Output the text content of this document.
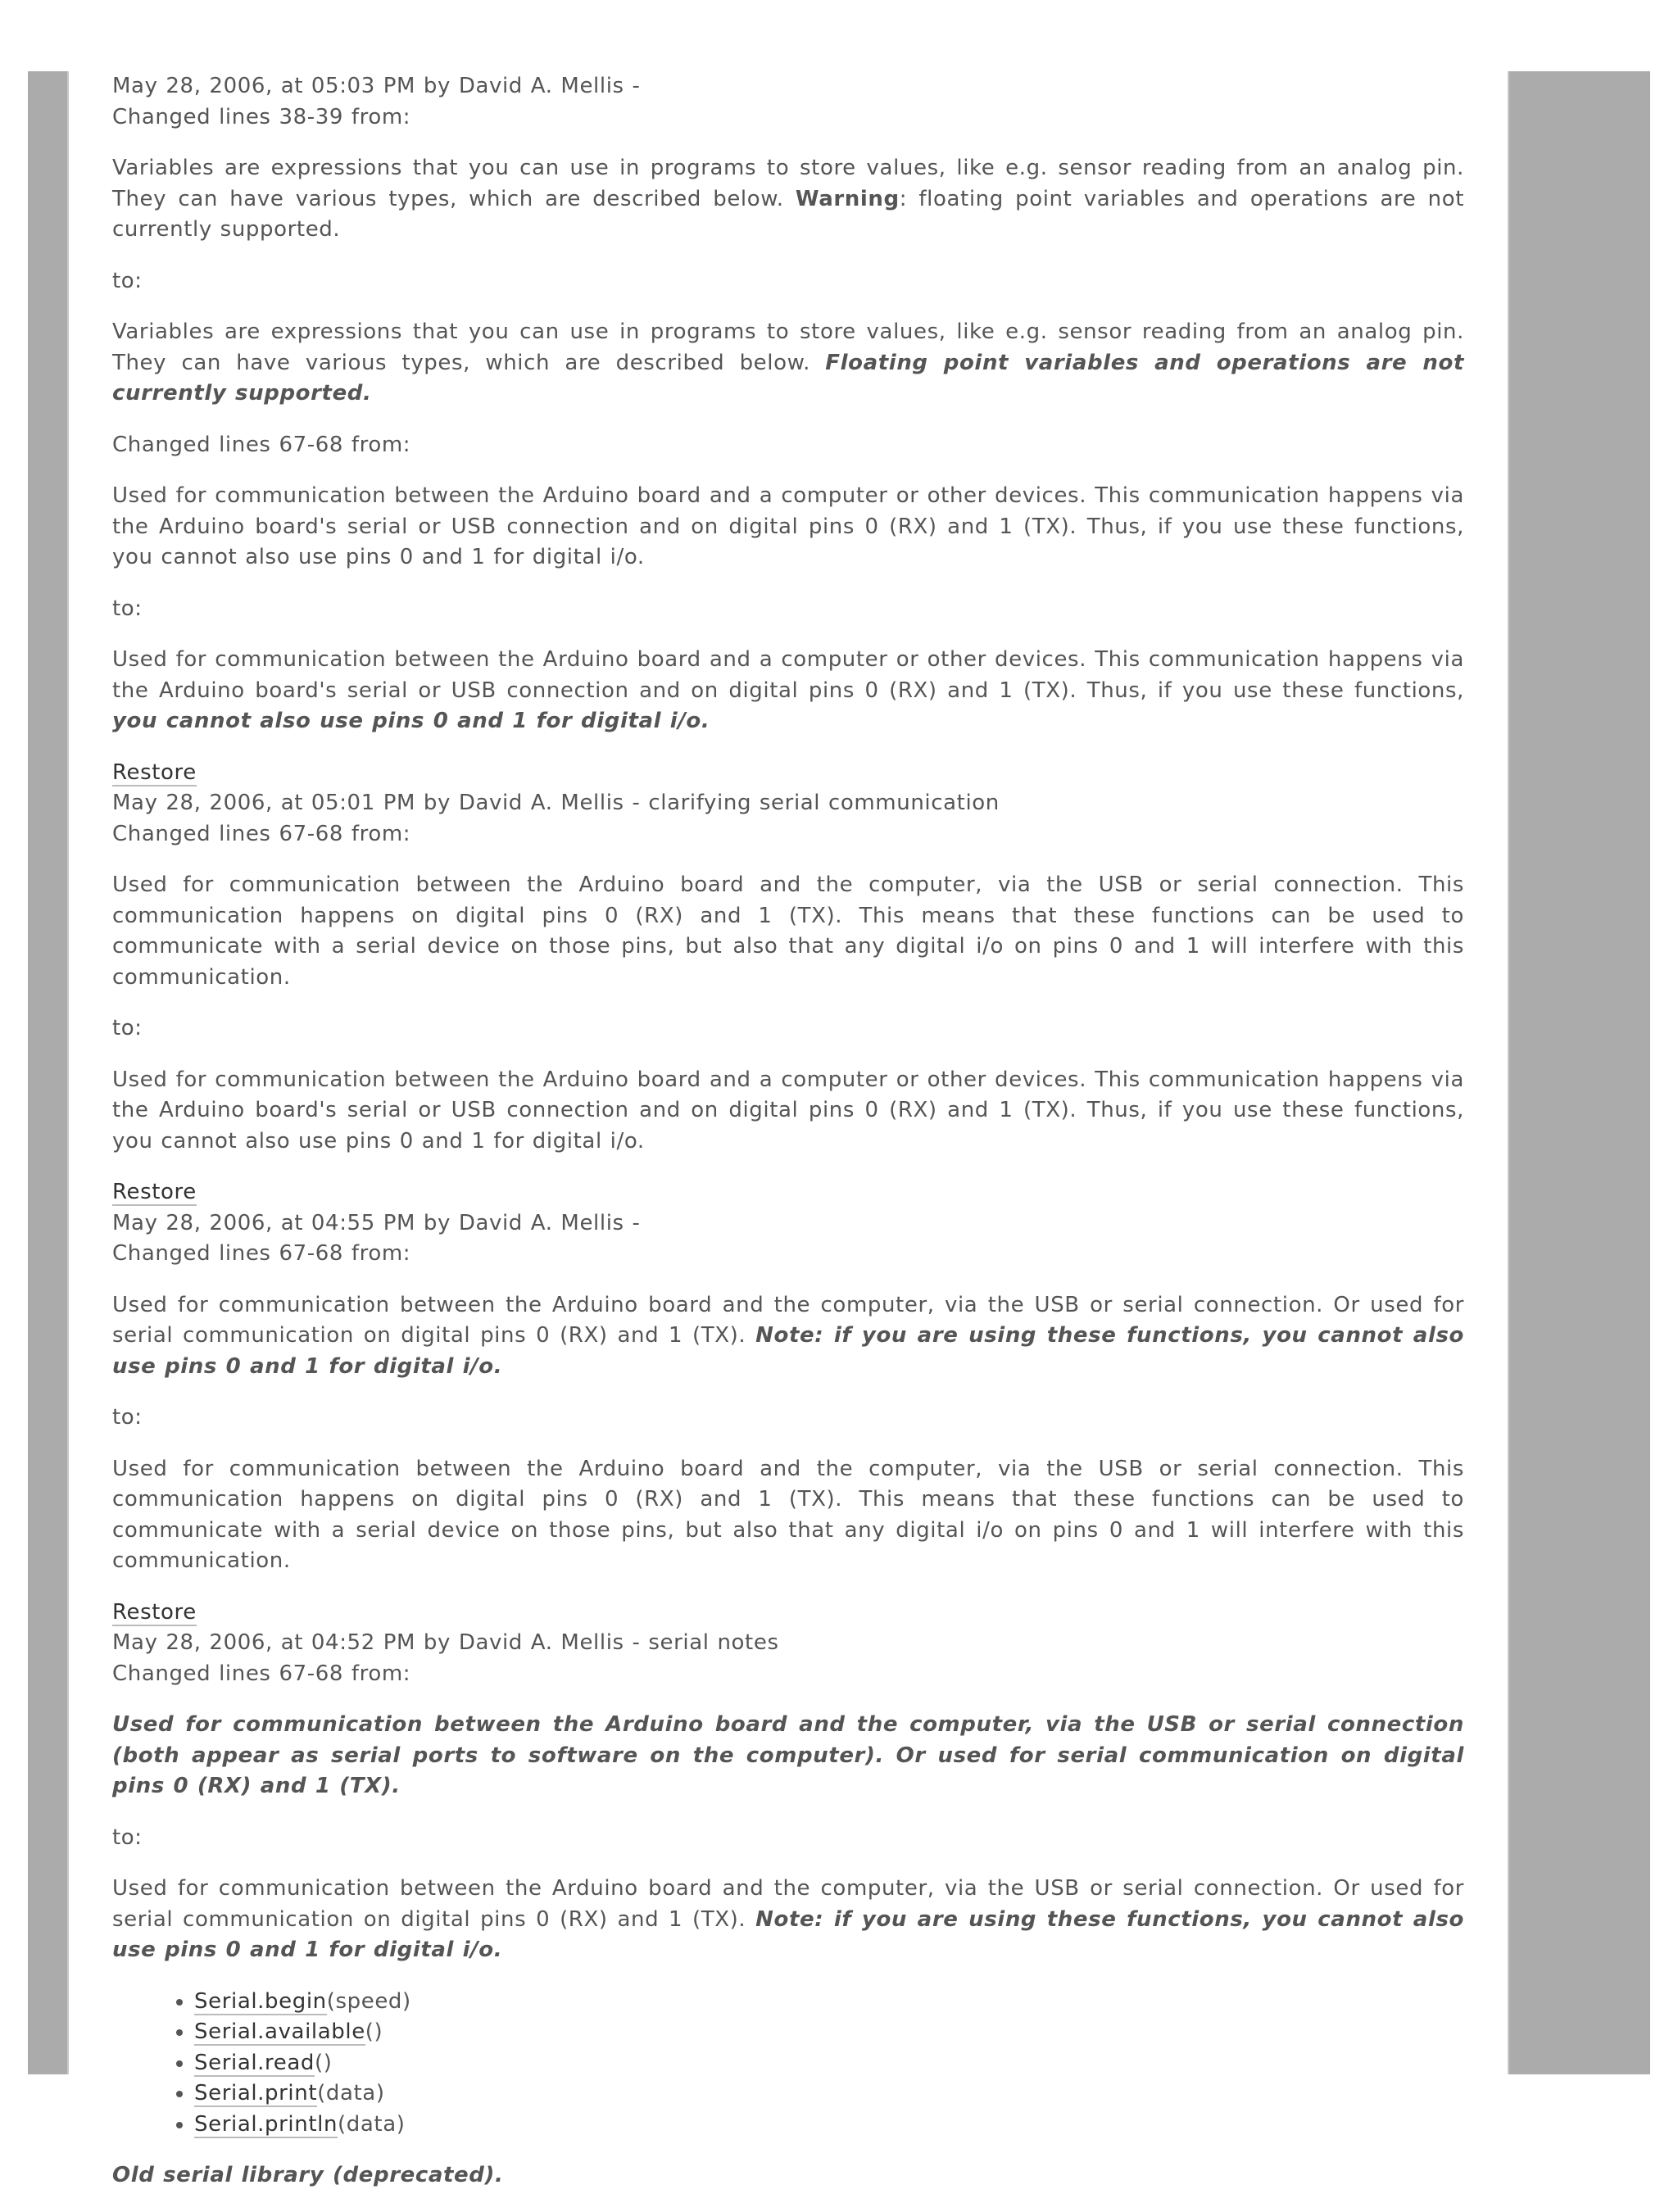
May 28, 2006, at 05:03 PM by David A. Mellis -

Changed lines 38-39 from:

Variables are expressions that you can use in programs to store values, like e.g. sensor reading from an analog pin. They can have various types, which are described below. Warning: floating point variables and operations are not currently supported.

to:

Variables are expressions that you can use in programs to store values, like e.g. sensor reading from an analog pin. They can have various types, which are described below. Floating point variables and operations are not currently supported.

Changed lines 67-68 from:

Used for communication between the Arduino board and a computer or other devices. This communication happens via the Arduino board's serial or USB connection and on digital pins 0 (RX) and 1 (TX). Thus, if you use these functions, you cannot also use pins 0 and 1 for digital i/o.

to:

Used for communication between the Arduino board and a computer or other devices. This communication happens via the Arduino board's serial or USB connection and on digital pins 0 (RX) and 1 (TX). Thus, if you use these functions, you cannot also use pins 0 and 1 for digital i/o.

Restore

May 28, 2006, at 05:01 PM by David A. Mellis - clarifying serial communication

Changed lines 67-68 from:

Used for communication between the Arduino board and the computer, via the USB or serial connection. This communication happens on digital pins 0 (RX) and 1 (TX). This means that these functions can be used to communicate with a serial device on those pins, but also that any digital i/o on pins 0 and 1 will interfere with this communication.

to:

Used for communication between the Arduino board and a computer or other devices. This communication happens via the Arduino board's serial or USB connection and on digital pins 0 (RX) and 1 (TX). Thus, if you use these functions, you cannot also use pins 0 and 1 for digital i/o.

Restore

May 28, 2006, at 04:55 PM by David A. Mellis -

Changed lines 67-68 from:

Used for communication between the Arduino board and the computer, via the USB or serial connection. Or used for serial communication on digital pins 0 (RX) and 1 (TX). Note: if you are using these functions, you cannot also use pins 0 and 1 for digital i/o.

to:

Used for communication between the Arduino board and the computer, via the USB or serial connection. This communication happens on digital pins 0 (RX) and 1 (TX). This means that these functions can be used to communicate with a serial device on those pins, but also that any digital i/o on pins 0 and 1 will interfere with this communication.

Restore

May 28, 2006, at 04:52 PM by David A. Mellis - serial notes

Changed lines 67-68 from:

Used for communication between the Arduino board and the computer, via the USB or serial connection (both appear as serial ports to software on the computer). Or used for serial communication on digital pins 0 (RX) and 1 (TX).

to:

Used for communication between the Arduino board and the computer, via the USB or serial connection. Or used for serial communication on digital pins 0 (RX) and 1 (TX). Note: if you are using these functions, you cannot also use pins 0 and 1 for digital i/o.

• Serial.begin(speed)
• Serial.available()
• Serial.read()
• Serial.print(data)
• Serial.println(data)

Old serial library (deprecated).
